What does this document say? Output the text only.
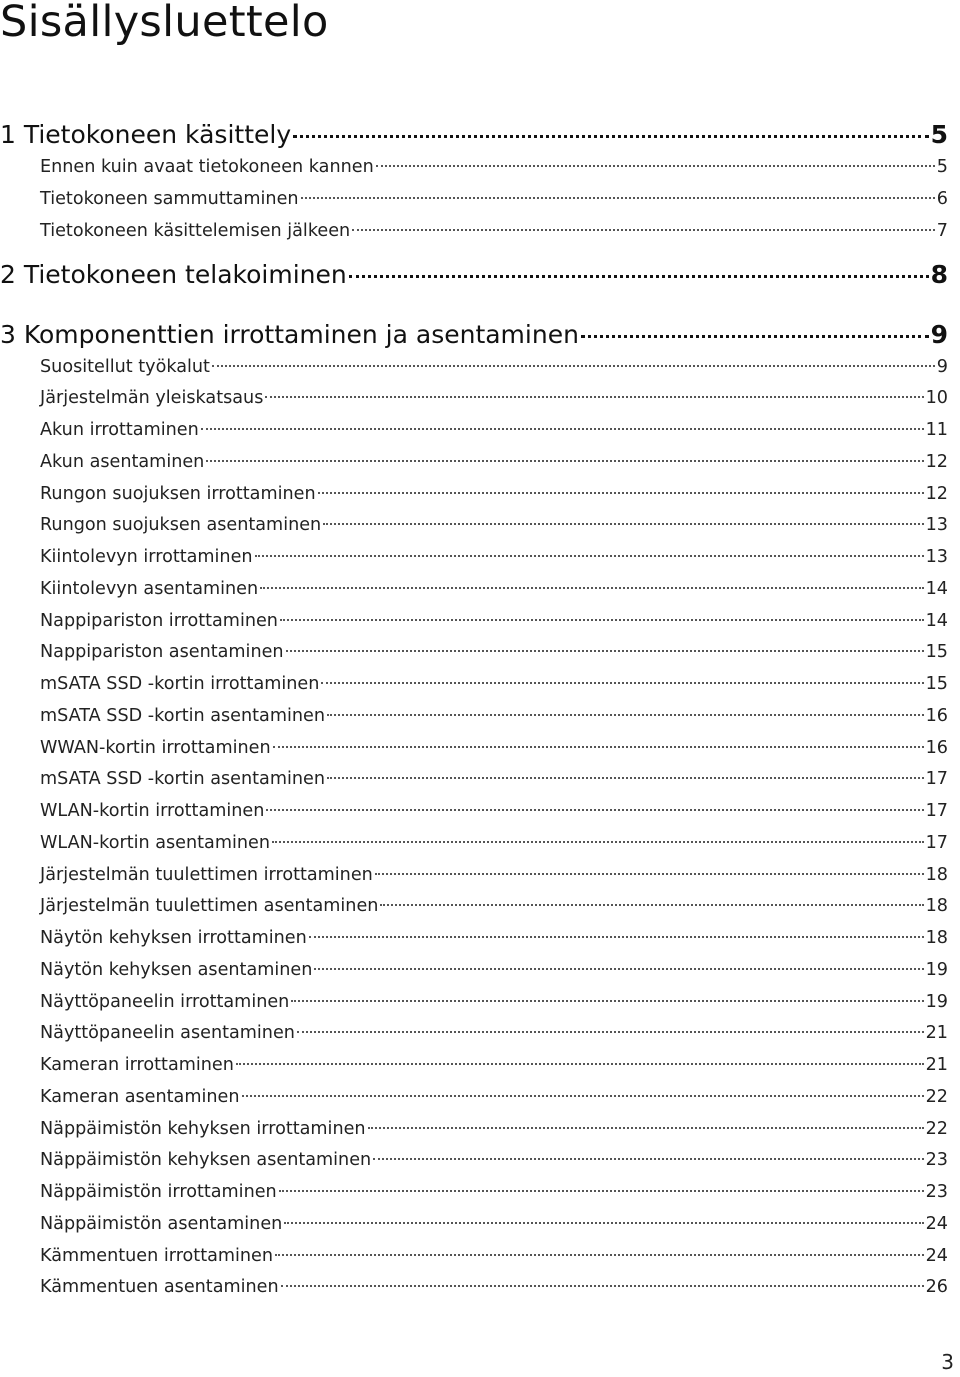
Sisällysluettelo
1 Tietokoneen käsittely	5
Ennen kuin avaat tietokoneen kannen	5
Tietokoneen sammuttaminen	6
Tietokoneen käsittelemisen jälkeen	7
2 Tietokoneen telakoiminen	8
3 Komponenttien irrottaminen ja asentaminen	9
Suositellut työkalut	9
Järjestelmän yleiskatsaus	10
Akun irrottaminen	11
Akun asentaminen	12
Rungon suojuksen irrottaminen	12
Rungon suojuksen asentaminen	13
Kiintolevyn irrottaminen	13
Kiintolevyn asentaminen	14
Nappipariston irrottaminen	14
Nappipariston asentaminen	15
mSATA SSD -kortin irrottaminen	15
mSATA SSD -kortin asentaminen	16
WWAN-kortin irrottaminen	16
mSATA SSD -kortin asentaminen	17
WLAN-kortin irrottaminen	17
WLAN-kortin asentaminen	17
Järjestelmän tuulettimen irrottaminen	18
Järjestelmän tuulettimen asentaminen	18
Näytön kehyksen irrottaminen	18
Näytön kehyksen asentaminen	19
Näyttöpaneelin irrottaminen	19
Näyttöpaneelin asentaminen	21
Kameran irrottaminen	21
Kameran asentaminen	22
Näppäimistön kehyksen irrottaminen	22
Näppäimistön kehyksen asentaminen	23
Näppäimistön irrottaminen	23
Näppäimistön asentaminen	24
Kämmentuen irrottaminen	24
Kämmentuen asentaminen	26
3
